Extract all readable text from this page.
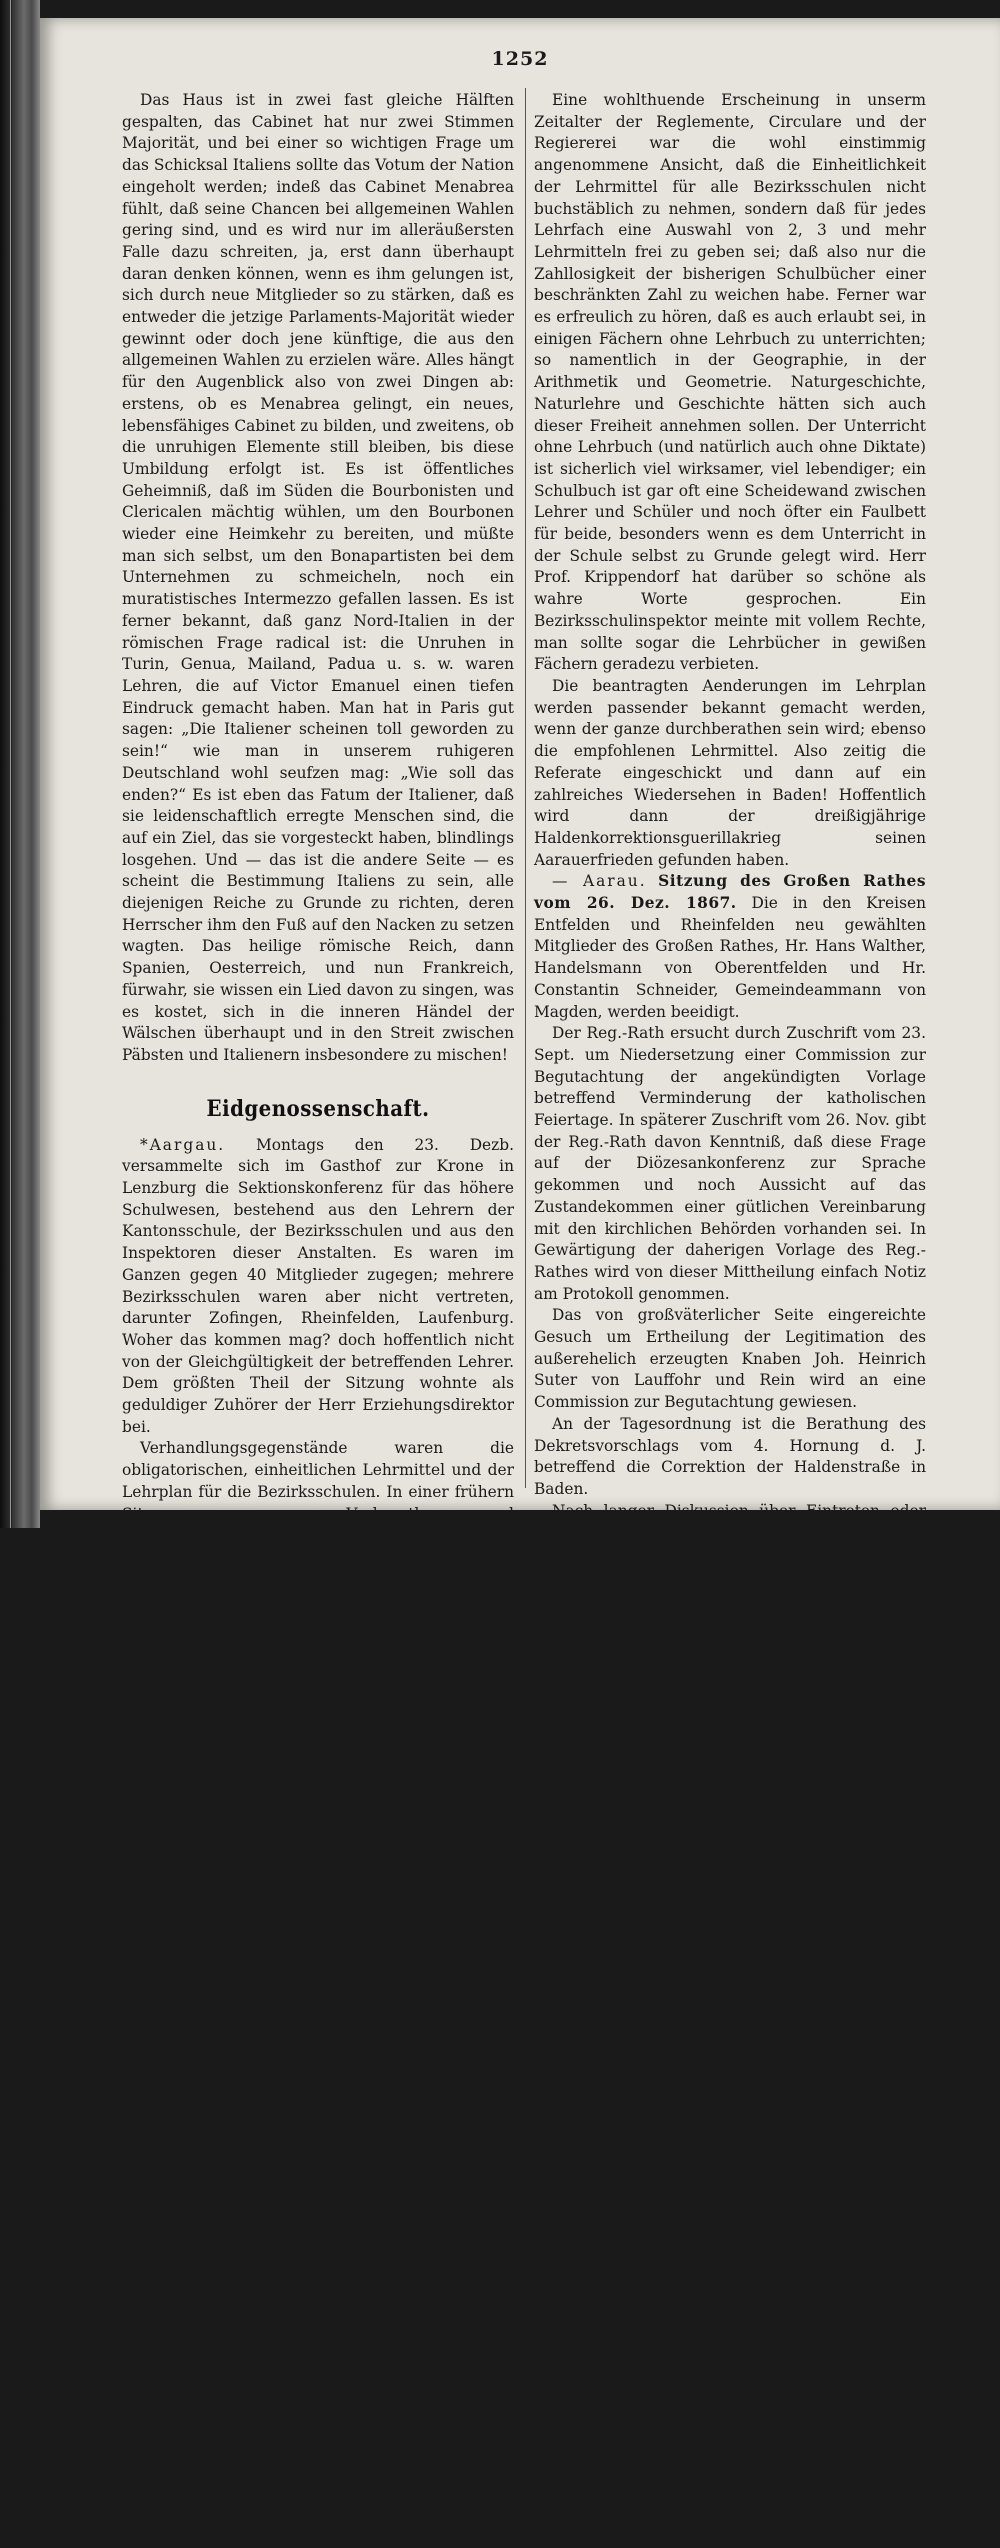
1252

Das Haus ist in zwei fast gleiche Hälften gespalten, das Cabinet hat nur zwei Stimmen Majorität, und bei einer so wichtigen Frage um das Schicksal Italiens sollte das Votum der Nation eingeholt werden; indeß das Cabinet Menabrea fühlt, daß seine Chancen bei allgemeinen Wahlen gering sind, und es wird nur im alleräußersten Falle dazu schreiten, ja, erst dann überhaupt daran denken können, wenn es ihm gelungen ist, sich durch neue Mitglieder so zu stärken, daß es entweder die jetzige Parlaments-Majorität wieder gewinnt oder doch jene künftige, die aus den allgemeinen Wahlen zu erzielen wäre. Alles hängt für den Augenblick also von zwei Dingen ab: erstens, ob es Menabrea gelingt, ein neues, lebensfähiges Cabinet zu bilden, und zweitens, ob die unruhigen Elemente still bleiben, bis diese Umbildung erfolgt ist. Es ist öffentliches Geheimniß, daß im Süden die Bourbonisten und Clericalen mächtig wühlen, um den Bourbonen wieder eine Heimkehr zu bereiten, und müßte man sich selbst, um den Bonapartisten bei dem Unternehmen zu schmeicheln, noch ein muratistisches Intermezzo gefallen lassen. Es ist ferner bekannt, daß ganz Nord-Italien in der römischen Frage radical ist: die Unruhen in Turin, Genua, Mailand, Padua u. s. w. waren Lehren, die auf Victor Emanuel einen tiefen Eindruck gemacht haben. Man hat in Paris gut sagen: „Die Italiener scheinen toll geworden zu sein!“ wie man in unserem ruhigeren Deutschland wohl seufzen mag: „Wie soll das enden?“ Es ist eben das Fatum der Italiener, daß sie leidenschaftlich erregte Menschen sind, die auf ein Ziel, das sie vorgesteckt haben, blindlings losgehen. Und — das ist die andere Seite — es scheint die Bestimmung Italiens zu sein, alle diejenigen Reiche zu Grunde zu richten, deren Herrscher ihm den Fuß auf den Nacken zu setzen wagten. Das heilige römische Reich, dann Spanien, Oesterreich, und nun Frankreich, fürwahr, sie wissen ein Lied davon zu singen, was es kostet, sich in die inneren Händel der Wälschen überhaupt und in den Streit zwischen Päbsten und Italienern insbesondere zu mischen!

Eidgenossenschaft.

*Aargau. Montags den 23. Dezb. versammelte sich im Gasthof zur Krone in Lenzburg die Sektionskonferenz für das höhere Schulwesen, bestehend aus den Lehrern der Kantonsschule, der Bezirksschulen und aus den Inspektoren dieser Anstalten. Es waren im Ganzen gegen 40 Mitglieder zugegen; mehrere Bezirksschulen waren aber nicht vertreten, darunter Zofingen, Rheinfelden, Laufenburg. Woher das kommen mag? doch hoffentlich nicht von der Gleichgültigkeit der betreffenden Lehrer. Dem größten Theil der Sitzung wohnte als geduldiger Zuhörer der Herr Erziehungsdirektor bei.

Verhandlungsgegenstände waren die obligatorischen, einheitlichen Lehrmittel und der Lehrplan für die Bezirksschulen. In einer frühern Sitzung waren zur Vorberathung und Antragstellung eilf Commissionen ernannt worden, welche an den Vorstand (Prof. Hunziker, Präsident; Straub in Baden, Vizepräsident; Hürbin in Muri, Aktuar) Referate einzugeben hatten. Aber trotz der langen Frist waren lange nicht alle Referate eingetroffen, woraus man sieht, daß nicht nur Bezirks- und Kantonsschüler und Behörden sich auf Langsamkeit und Unpünktlichkeit verstehen, sondern auch andere Menschenkinder. Den Saumseligen ist nun eine letzte Frist von sechs Wochen gestattet worden, was sie sich merken mögen. Behandelt wurden nur drei Referate, welche das Französische, Englische und Italienische; Geographie und Geschichte; Mathematik (Geometrie und Arithmetik) betrafen. Die andern wurden auf die nächste Sitzung (März, Baden) verschoben. Mehr konnte nicht verhandelt werden, denn die genannten Referate nahmen die ganze Zeit von 11 bis 3½ Uhr in Anspruch, trotzdem daß keine einzige lange — langweilige Expektoration gehalten wurde, sondern Jeder seine Meinung kurz und bündig, oft recht drastisch äußerte.

Die Diskussion war oft sehr lebendig; die Geister mit ihren oft diametral entgegengesetzten Ansichten platzten ziemlich parlamentarisch oder vielmehr, wie man jetzt sagen darf, recht parlamentarisch aufeinander. Aber der sichere Takt und die Gewandtheit des Präsidenten ließ es nie zum Wirrwar kommen; und wenn die Diskussion zu lang werden wollte, tönte von allen Seiten der Mahnruf: Schluß.

Nach den Verhandlungen erquickte ein Essen, wie es Schulmeistern selten zu Theil wird, den hungrigen Magen und den ermatteten Geist. Trotzdem die Zähne sich wacker bethätigten, fanden doch die Zungen noch Zeit, einige Toaste auszubringen; der Präsident fand dabei seine verdiente Anerkennung für seine gewandte Leitung und auch der künftigen Frau Präsidentin wurde freundlichst gedacht.

Eine wohlthuende Erscheinung in unserm Zeitalter der Reglemente, Circulare und der Regiererei war die wohl einstimmig angenommene Ansicht, daß die Einheitlichkeit der Lehrmittel für alle Bezirksschulen nicht buchstäblich zu nehmen, sondern daß für jedes Lehrfach eine Auswahl von 2, 3 und mehr Lehrmitteln frei zu geben sei; daß also nur die Zahllosigkeit der bisherigen Schulbücher einer beschränkten Zahl zu weichen habe. Ferner war es erfreulich zu hören, daß es auch erlaubt sei, in einigen Fächern ohne Lehrbuch zu unterrichten; so namentlich in der Geographie, in der Arithmetik und Geometrie. Naturgeschichte, Naturlehre und Geschichte hätten sich auch dieser Freiheit annehmen sollen. Der Unterricht ohne Lehrbuch (und natürlich auch ohne Diktate) ist sicherlich viel wirksamer, viel lebendiger; ein Schulbuch ist gar oft eine Scheidewand zwischen Lehrer und Schüler und noch öfter ein Faulbett für beide, besonders wenn es dem Unterricht in der Schule selbst zu Grunde gelegt wird. Herr Prof. Krippendorf hat darüber so schöne als wahre Worte gesprochen. Ein Bezirksschulinspektor meinte mit vollem Rechte, man sollte sogar die Lehrbücher in gewißen Fächern geradezu verbieten.

Die beantragten Aenderungen im Lehrplan werden passender bekannt gemacht werden, wenn der ganze durchberathen sein wird; ebenso die empfohlenen Lehrmittel. Also zeitig die Referate eingeschickt und dann auf ein zahlreiches Wiedersehen in Baden! Hoffentlich wird dann der dreißigjährige Haldenkorrektionsguerillakrieg seinen Aarauerfrieden gefunden haben.

— Aarau. Sitzung des Großen Rathes vom 26. Dez. 1867. Die in den Kreisen Entfelden und Rheinfelden neu gewählten Mitglieder des Großen Rathes, Hr. Hans Walther, Handelsmann von Oberentfelden und Hr. Constantin Schneider, Gemeindeammann von Magden, werden beeidigt.

Der Reg.-Rath ersucht durch Zuschrift vom 23. Sept. um Niedersetzung einer Commission zur Begutachtung der angekündigten Vorlage betreffend Verminderung der katholischen Feiertage. In späterer Zuschrift vom 26. Nov. gibt der Reg.-Rath davon Kenntniß, daß diese Frage auf der Diözesankonferenz zur Sprache gekommen und noch Aussicht auf das Zustandekommen einer gütlichen Vereinbarung mit den kirchlichen Behörden vorhanden sei. In Gewärtigung der daherigen Vorlage des Reg.-Rathes wird von dieser Mittheilung einfach Notiz am Protokoll genommen.

Das von großväterlicher Seite eingereichte Gesuch um Ertheilung der Legitimation des außerehelich erzeugten Knaben Joh. Heinrich Suter von Lauffohr und Rein wird an eine Commission zur Begutachtung gewiesen.

An der Tagesordnung ist die Berathung des Dekretsvorschlags vom 4. Hornung d. J. betreffend die Correktion der Haldenstraße in Baden.

Nach langer Diskussion über Eintreten oder Nichteintreten wird das Letztere in dem Sinne beschlossen, daß die ganze Vorlage zur nochmaligen einläßlichen Prüfung an den Reg.-Rath zurückgewiesen wird.

— Aarau. Aus den Verhandlungen des Reg.-Rathes vom 26. Dezbr. Der durch die Kirchgemeinde getroffenen Wahl des Hrn. Bisiger von Einsiedeln zum prov. Frühmesser in Auw wird die Genehmigung ertheilt.

Dem Hrn. Oberrichter Stäuble in Magden wird die nachgesuchte Entlassung als Mitglied der der Direktion des Innern beigegebenen Kommission für das Gemeindeverwaltungswesen sowie der Bezirkssteuerkommissionen von Laufenburg u. Rheinfelden ertheilt.

Der Gemeinderath von Oftringen hat Namens der dortigen Gemeinde das Ansuchen gestellt, es möchten die Kosten für die projektirten Staatsbauten, als Irren- und Krankenanstalt nicht durch Staatssteuern, sondern durch Creirung eines zurückzahlbaren Anleihens gedeckt werden. Hievon wird der Staatsrechnungskommission Kenntniß gegeben mit dem Beifügen, daß der R.-Rath im Grundsatz mit dieser Ansicht einverstanden sei; daß aber, wenn der jährlich in's Budget für diese Hochbauten aufgenommene Ansatz von Fr. 150,000 noch drei Jahre beibehalten werde, dann wenigstens die Irrenanstalt mit dem vorhandenen Baufond und mit der Summe, welche der Staat aus den überschießenden Dividenden der Bank erhalte, bezahlt werden könne. Uebrigens würden, wenn jetzt schon ein Anleihen aufgenommen würde, die Fr. 150,000 für dessen Amortisation dennoch nothwendig sein.

Auf eine bezügliche Anregung der aarg. historischen Gesellschaft werden die in Königsfelden befindlichen Antiquitäten mit Ausnahme der Münzen, welche der allgem. Münzsammlung in Aarau einverleibt sind, der historischen Gesellschaft zur Ordnung und zur einstweiligen systematischen Aufstellung in ihrem Lokale für die antiquarischen Sammlungen übergeben. Die Inschriftensteine sollen einstweilen in sicherer Verwahrung in Königsfelden bleiben und deren weitere Placirung vorbehalten sein.
